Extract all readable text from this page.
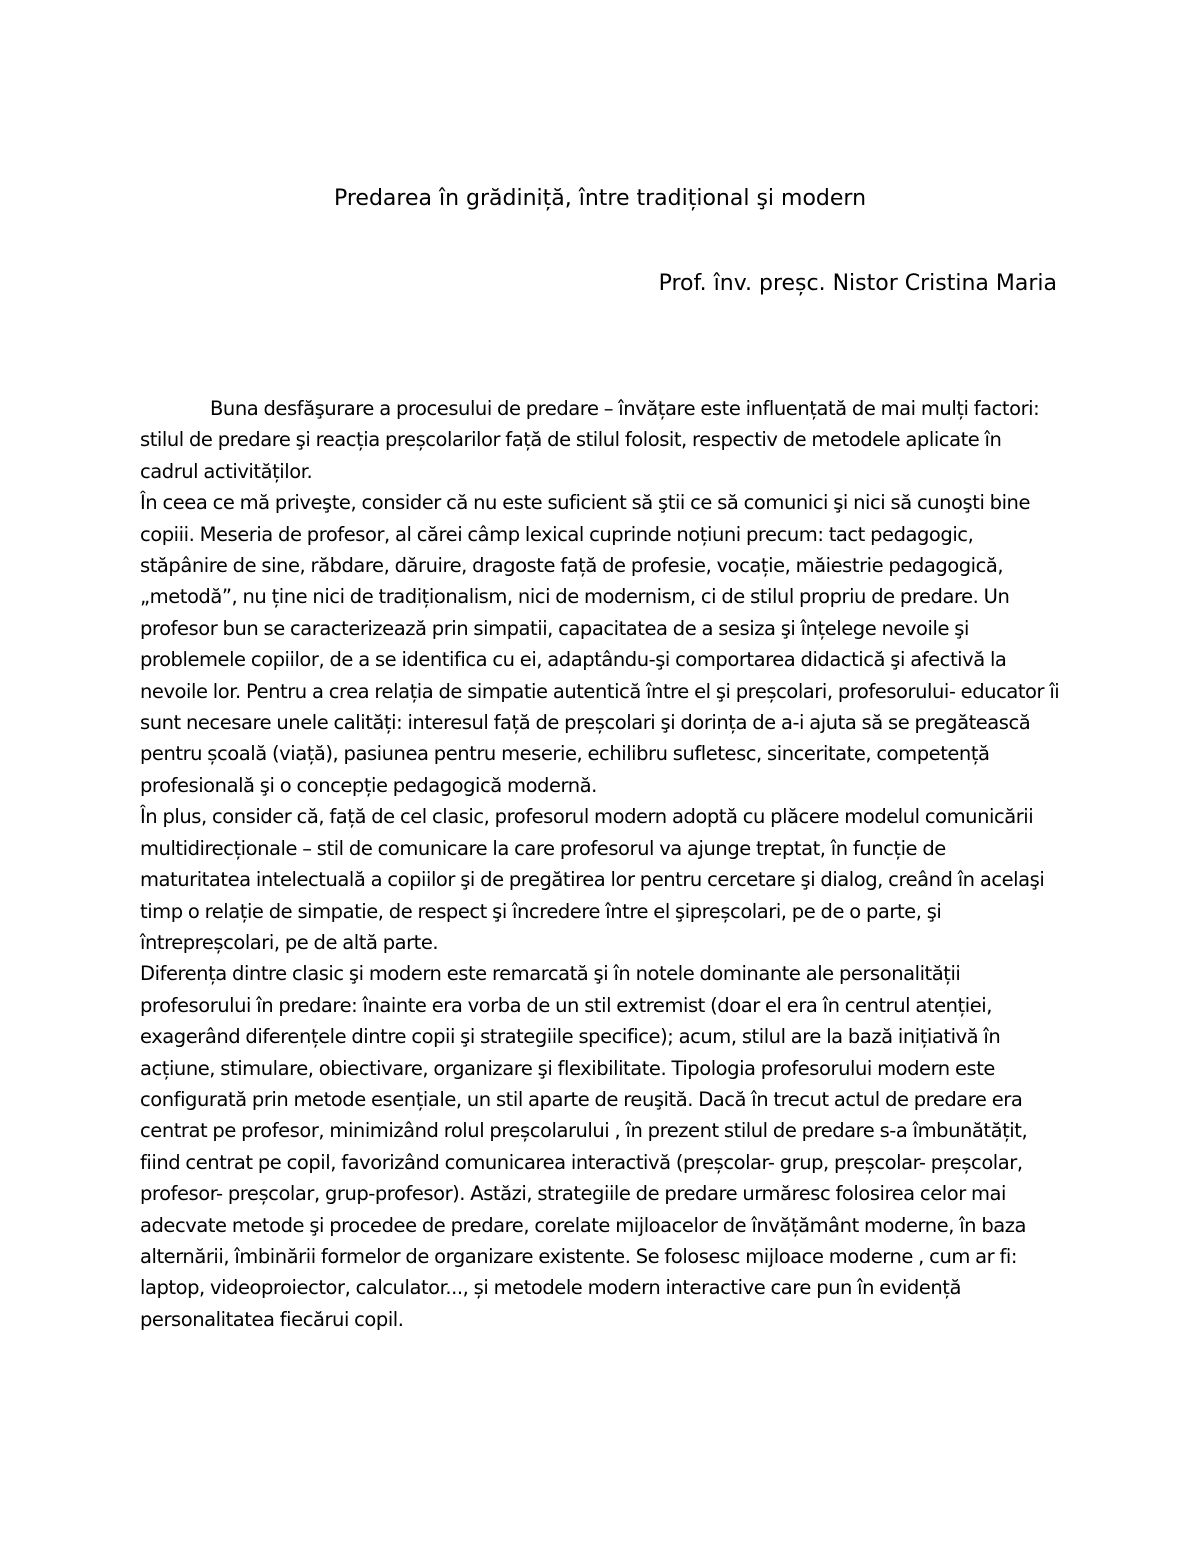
Predarea în grădiniță, între tradițional şi modern
Prof. înv. preșc. Nistor Cristina Maria

Buna desfăşurare a procesului de predare – învățare este influențată de mai mulți factori: stilul de predare şi reacția preșcolarilor față de stilul folosit, respectiv de metodele aplicate în cadrul activităților.

În ceea ce mă priveşte, consider că nu este suficient să ştii ce să comunici şi nici să cunoşti bine copiii. Meseria de profesor, al cărei câmp lexical cuprinde noțiuni precum: tact pedagogic, stăpânire de sine, răbdare, dăruire, dragoste față de profesie, vocație, măiestrie pedagogică, „metodă”, nu ține nici de tradiționalism, nici de modernism, ci de stilul propriu de predare. Un profesor bun se caracterizează prin simpatii, capacitatea de a sesiza şi înțelege nevoile şi problemele copiilor, de a se identifica cu ei, adaptându-şi comportarea didactică şi afectivă la nevoile lor. Pentru a crea relația de simpatie autentică între el şi preșcolari, profesorului- educator îi sunt necesare unele calități: interesul față de preșcolari şi dorința de a-i ajuta să se pregătească pentru școală (viață), pasiunea pentru meserie, echilibru sufletesc, sinceritate, competență profesională şi o concepție pedagogică modernă.

În plus, consider că, față de cel clasic, profesorul modern adoptă cu plăcere modelul comunicării multidirecționale – stil de comunicare la care profesorul va ajunge treptat, în funcție de maturitatea intelectuală a copiilor şi de pregătirea lor pentru cercetare şi dialog, creând în acelaşi timp o relație de simpatie, de respect şi încredere între el şipreșcolari, pe de o parte, şi întrepreșcolari, pe de altă parte.

Diferența dintre clasic şi modern este remarcată şi în notele dominante ale personalității profesorului în predare: înainte era vorba de un stil extremist (doar el era în centrul atenției, exagerând diferențele dintre copii şi strategiile specifice); acum, stilul are la bază inițiativă în acțiune, stimulare, obiectivare, organizare şi flexibilitate. Tipologia profesorului modern este configurată prin metode esențiale, un stil aparte de reuşită. Dacă în trecut actul de predare era centrat pe profesor, minimizând rolul preșcolarului , în prezent stilul de predare s-a îmbunătățit, fiind centrat pe copil, favorizând comunicarea interactivă (preșcolar- grup, preșcolar- preșcolar, profesor- preșcolar, grup-profesor). Astăzi, strategiile de predare urmăresc folosirea celor mai adecvate metode şi procedee de predare, corelate mijloacelor de învățământ moderne, în baza alternării, îmbinării formelor de organizare existente. Se folosesc mijloace moderne , cum ar fi: laptop, videoproiector, calculator..., și metodele modern interactive care pun în evidență personalitatea fiecărui copil.
